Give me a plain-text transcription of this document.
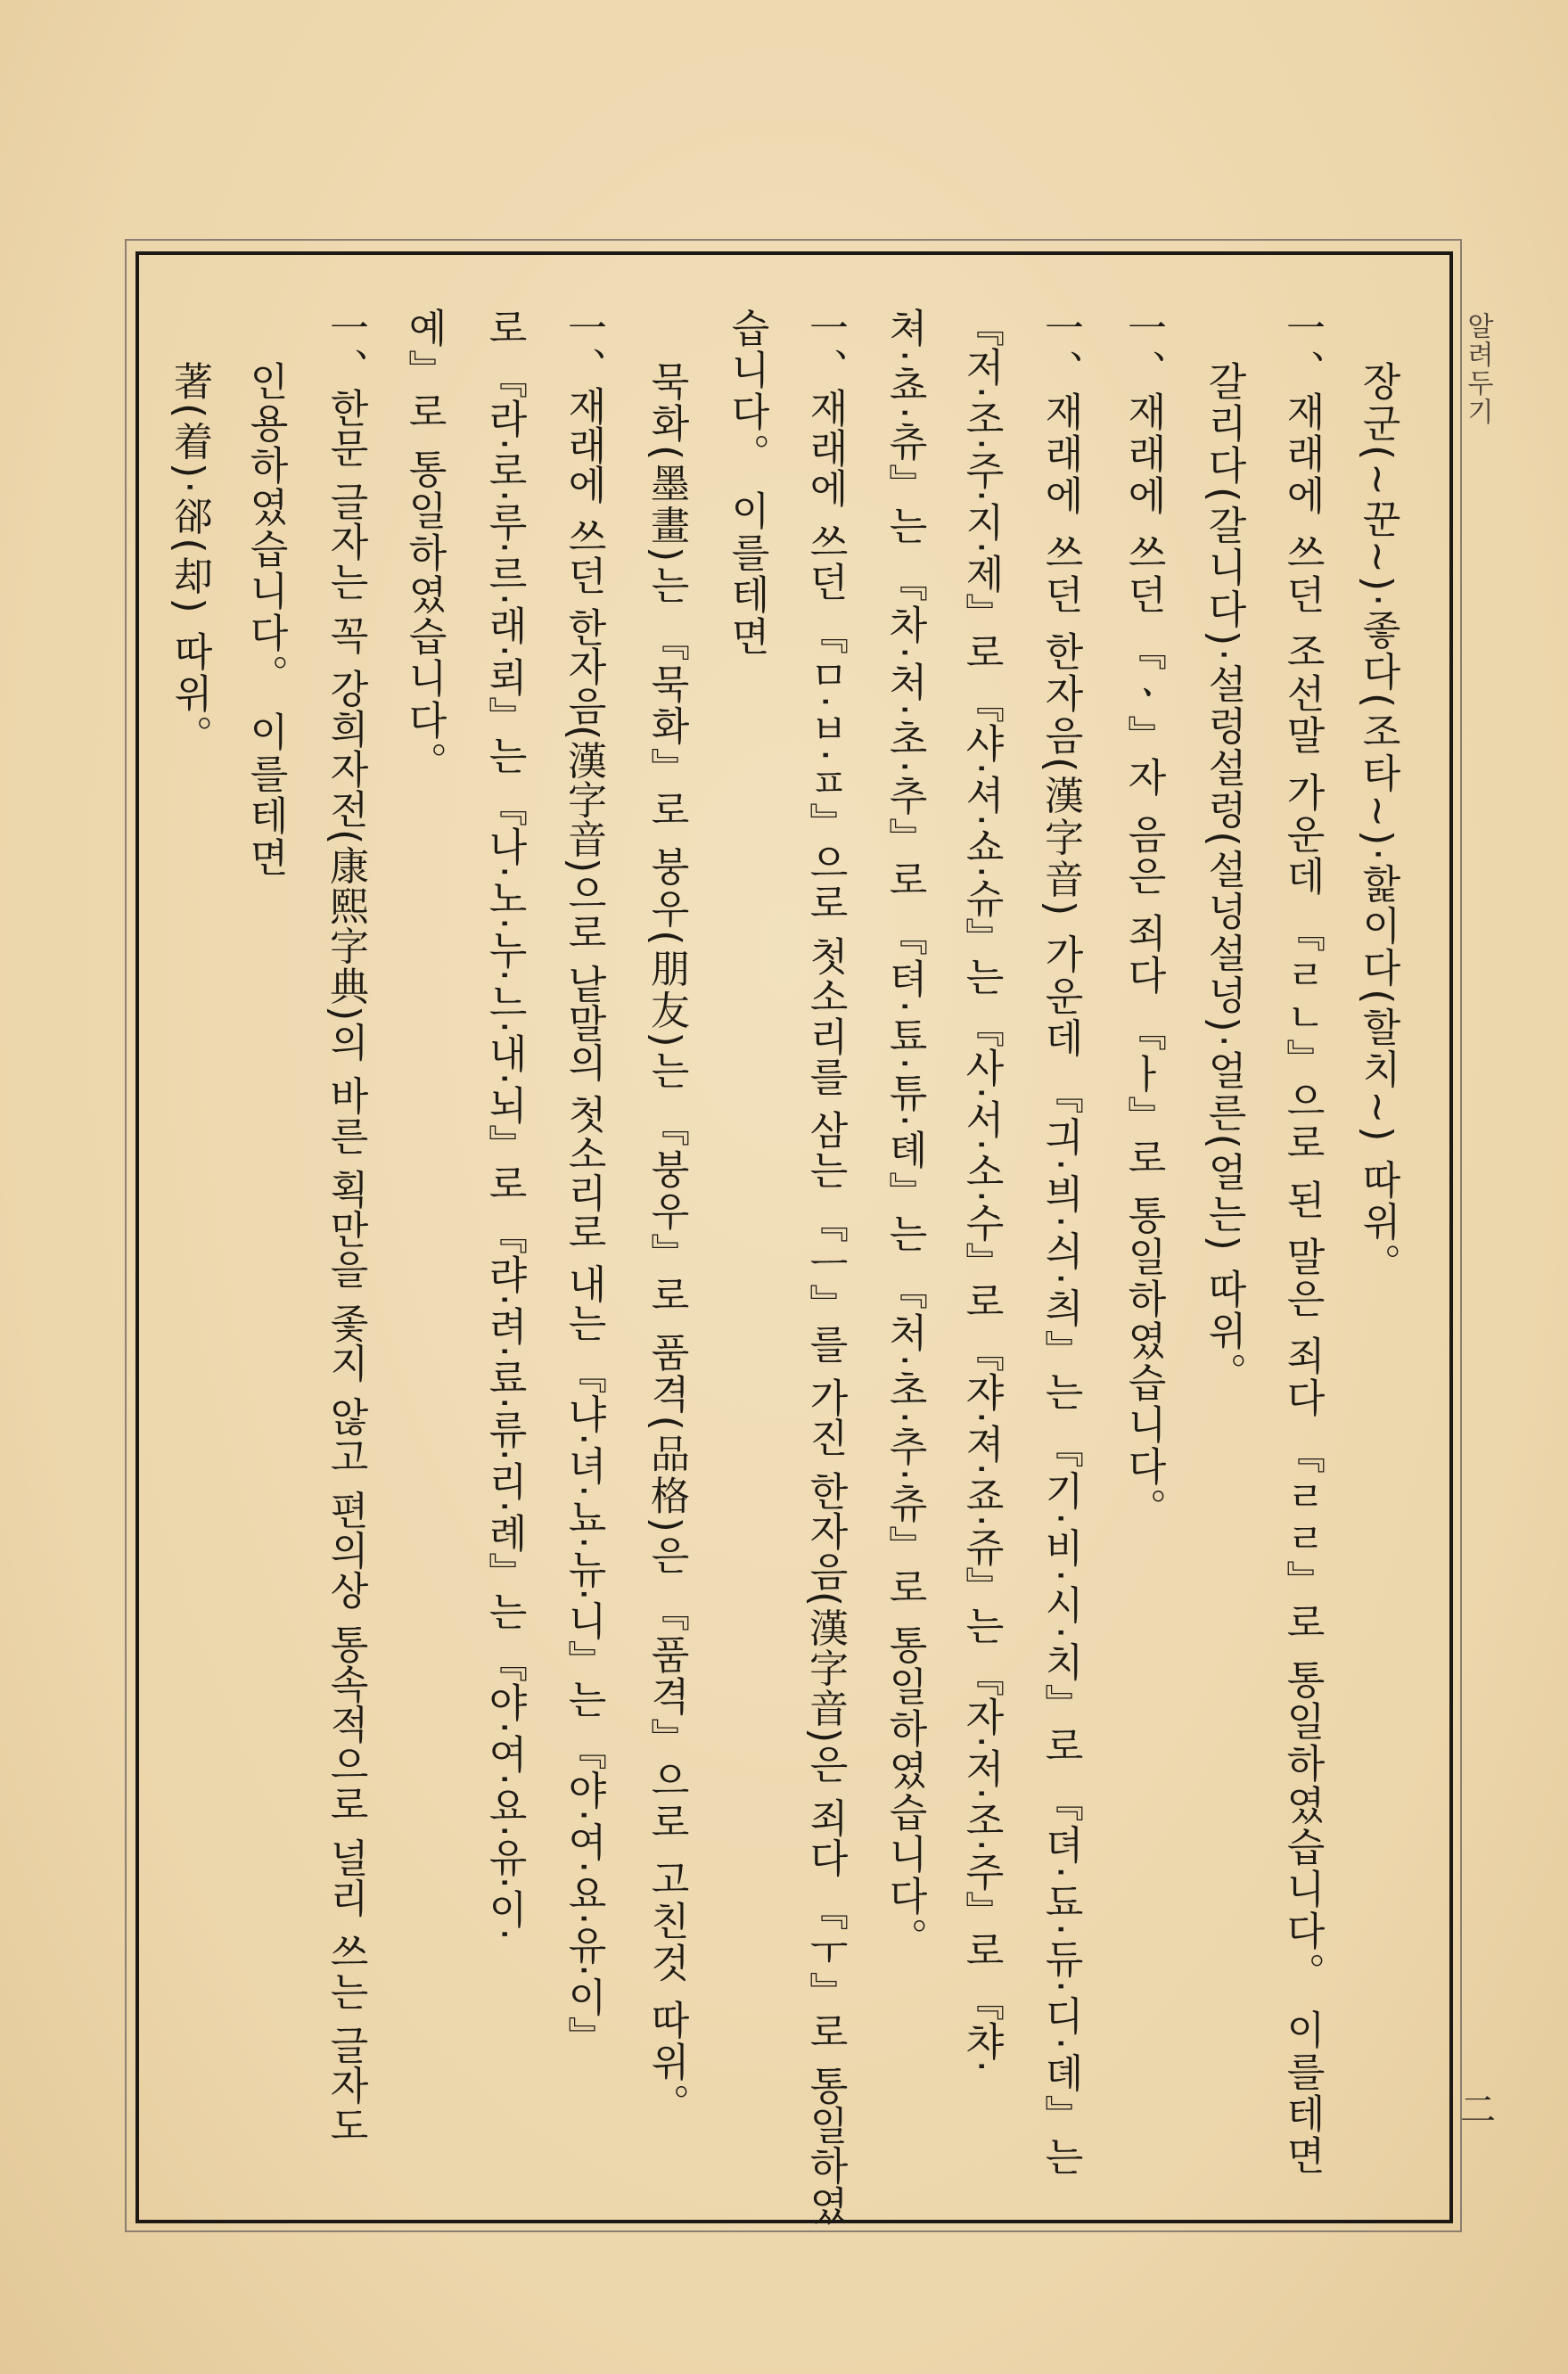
알려두기
二
장군(~꾼~)·좋다(조타~)·핥이다(할치~) 따위。
一、재래에 쓰던 조선말 가운데 『ㄹㄴ』으로 된 말은 죄다 『ㄹㄹ』로 통일하였습니다。 이를테면
갈리다(갈니다)·설렁설렁(설넝설넝)·얼른(얼는) 따위。
一、재래에 쓰던 『ㆍ』자 음은 죄다 『ㅏ』로 통일하였습니다。
一、재래에 쓰던 한자음(漢字音) 가운데 『긔·븨·싀·츼』는 『기·비·시·치』로 『뎌·됴·듀·디·뎨』는
『저·조·주·지·제』로 『샤·셔·쇼·슈』는 『사·서·소·수』로 『쟈·져·죠·쥬』는 『자·저·조·주』로 『챠·
쳐·쵸·츄』는 『차·처·초·추』로 『텨·툐·튜·톄』는 『처·초·추·츄』로 통일하였습니다。
一、재래에 쓰던 『ㅁ·ㅂ·ㅍ』으로 첫소리를 삼는 『ㅡ』를 가진 한자음(漢字音)은 죄다 『ㅜ』로 통일하였
습니다。 이를테면
묵화(墨畫)는 『묵화』로 붕우(朋友)는 『붕우』로 품격(品格)은 『품격』으로 고친것 따위。
一、재래에 쓰던 한자음(漢字音)으로 낱말의 첫소리로 내는 『냐·녀·뇨·뉴·니』는 『야·여·요·유·이』
로 『라·로·루·르·래·뢰』는 『나·노·누·느·내·뇌』로 『랴·려·료·류·리·례』는 『야·여·요·유·이·
예』로 통일하였습니다。
一、한문 글자는 꼭 강희자전(康熙字典)의 바른 획만을 좇지 않고 편의상 통속적으로 널리 쓰는 글자도
인용하였습니다。 이를테면
著(着)·郤(却) 따위。
